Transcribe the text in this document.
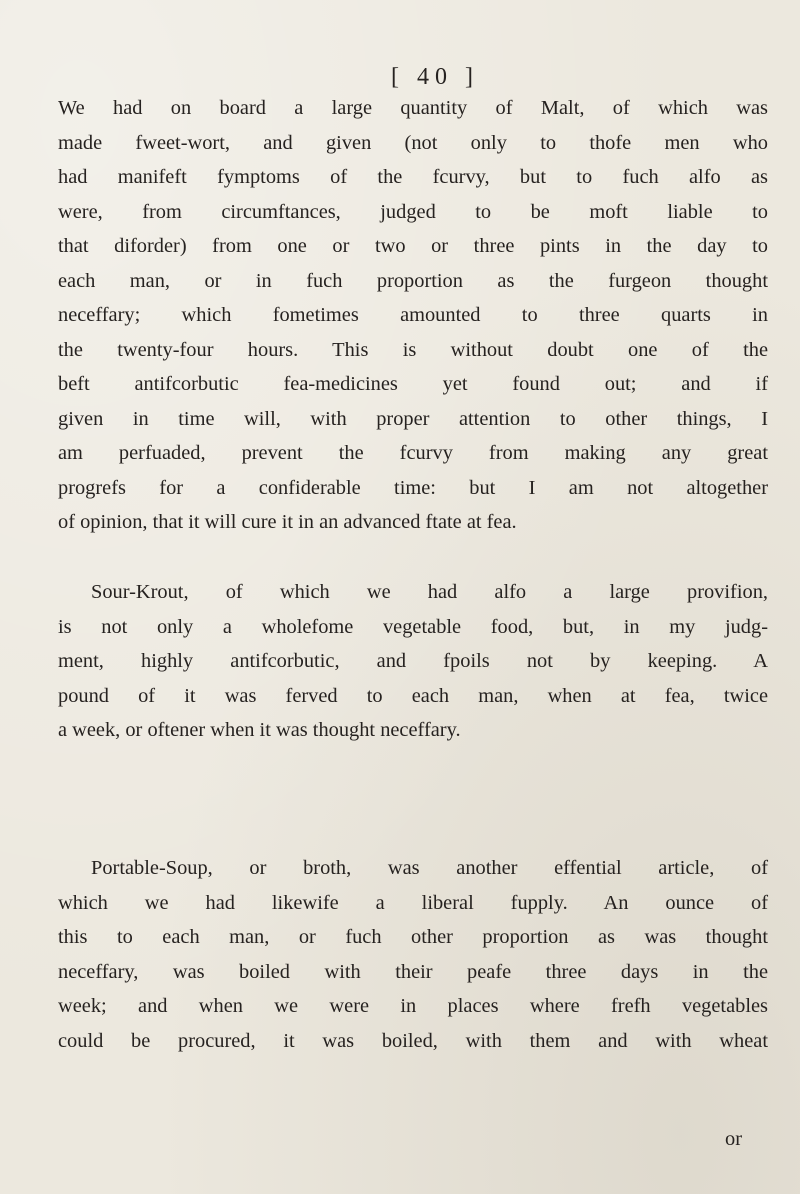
[ 40 ]
We had on board a large quantity of Malt, of which was
made fweet-wort, and given (not only to thofe men who
had manifeft fymptoms of the fcurvy, but to fuch alfo as
were, from circumftances, judged to be moft liable to
that diforder) from one or two or three pints in the day to
each man, or in fuch proportion as the furgeon thought
neceffary; which fometimes amounted to three quarts in
the twenty-four hours. This is without doubt one of the
beft antifcorbutic fea-medicines yet found out; and if
given in time will, with proper attention to other things, I
am perfuaded, prevent the fcurvy from making any great
progrefs for a confiderable time: but I am not altogether
of opinion, that it will cure it in an advanced ftate at fea.
Sour-Krout, of which we had alfo a large provifion,
is not only a wholefome vegetable food, but, in my judg-
ment, highly antifcorbutic, and fpoils not by keeping. A
pound of it was ferved to each man, when at fea, twice
a week, or oftener when it was thought neceffary.
Portable-Soup, or broth, was another effential article, of
which we had likewife a liberal fupply. An ounce of
this to each man, or fuch other proportion as was thought
neceffary, was boiled with their peafe three days in the
week; and when we were in places where frefh vegetables
could be procured, it was boiled, with them and with wheat
or
